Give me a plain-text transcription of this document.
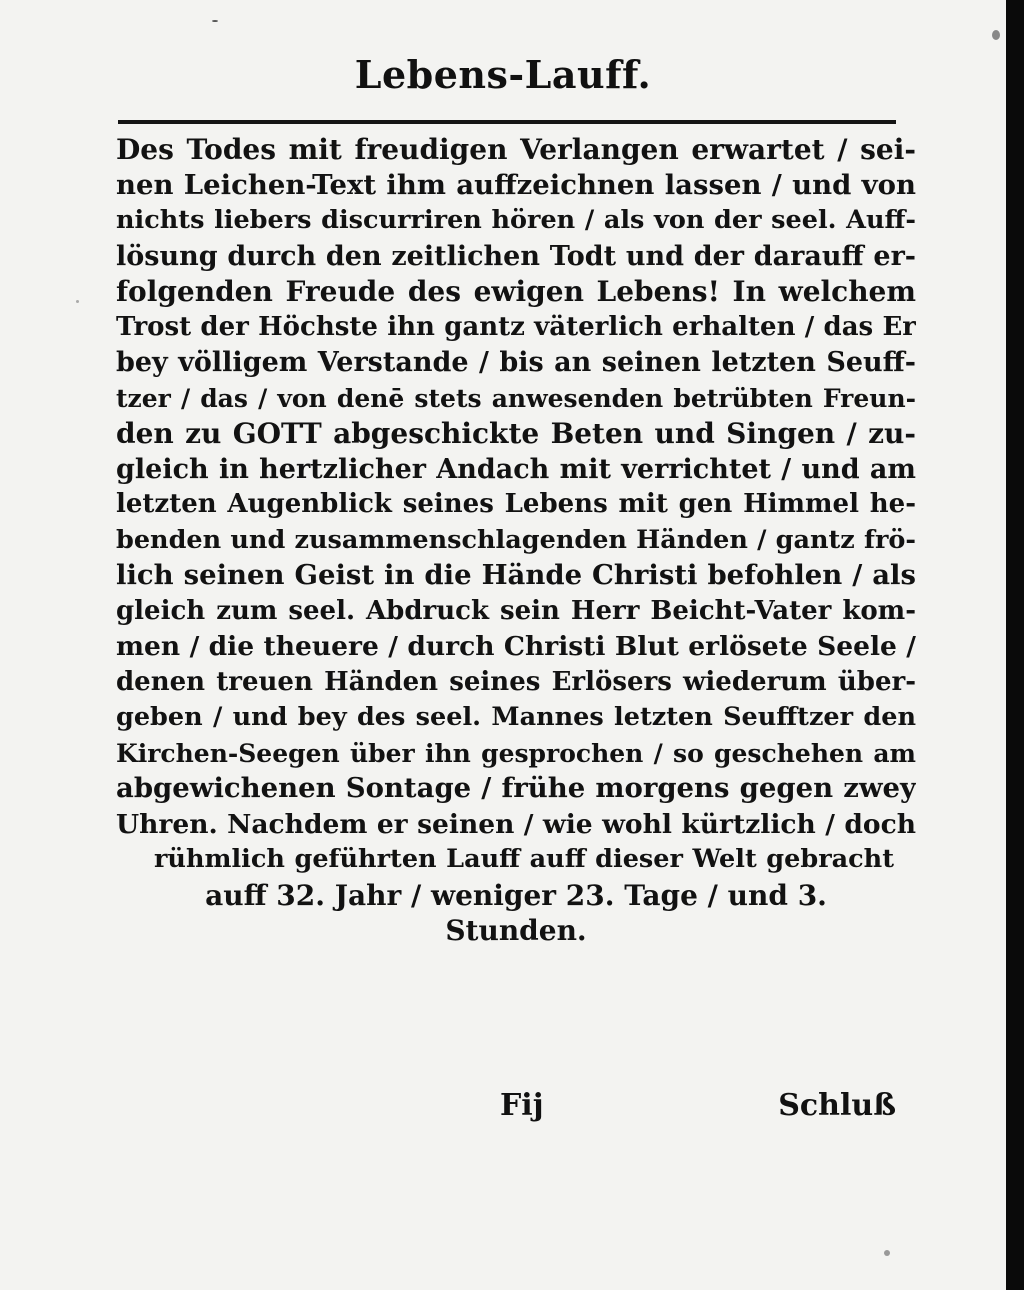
Lebens-Lauff.
Des Todes mit freudigen Verlangen erwartet / sei-
nen Leichen-Text ihm auffzeichnen lassen / und von
nichts liebers discurriren hören / als von der seel. Auff-
lösung durch den zeitlichen Todt und der darauff er-
folgenden Freude des ewigen Lebens! In welchem
Trost der Höchste ihn gantz väterlich erhalten / das Er
bey völligem Verstande / bis an seinen letzten Seuff-
tzer / das / von denē stets anwesenden betrübten Freun-
den zu GOTT abgeschickte Beten und Singen / zu-
gleich in hertzlicher Andach mit verrichtet / und am
letzten Augenblick seines Lebens mit gen Himmel he-
benden und zusammenschlagenden Händen / gantz frö-
lich seinen Geist in die Hände Christi befohlen / als
gleich zum seel. Abdruck sein Herr Beicht-Vater kom-
men / die theuere / durch Christi Blut erlösete Seele /
denen treuen Händen seines Erlösers wiederum über-
geben / und bey des seel. Mannes letzten Seufftzer den
Kirchen-Seegen über ihn gesprochen / so geschehen am
abgewichenen Sontage / frühe morgens gegen zwey
Uhren. Nachdem er seinen / wie wohl kürtzlich / doch
rühmlich geführten Lauff auff dieser Welt gebracht
auff 32. Jahr / weniger 23. Tage / und 3.
Stunden.
Fij	Schluß
